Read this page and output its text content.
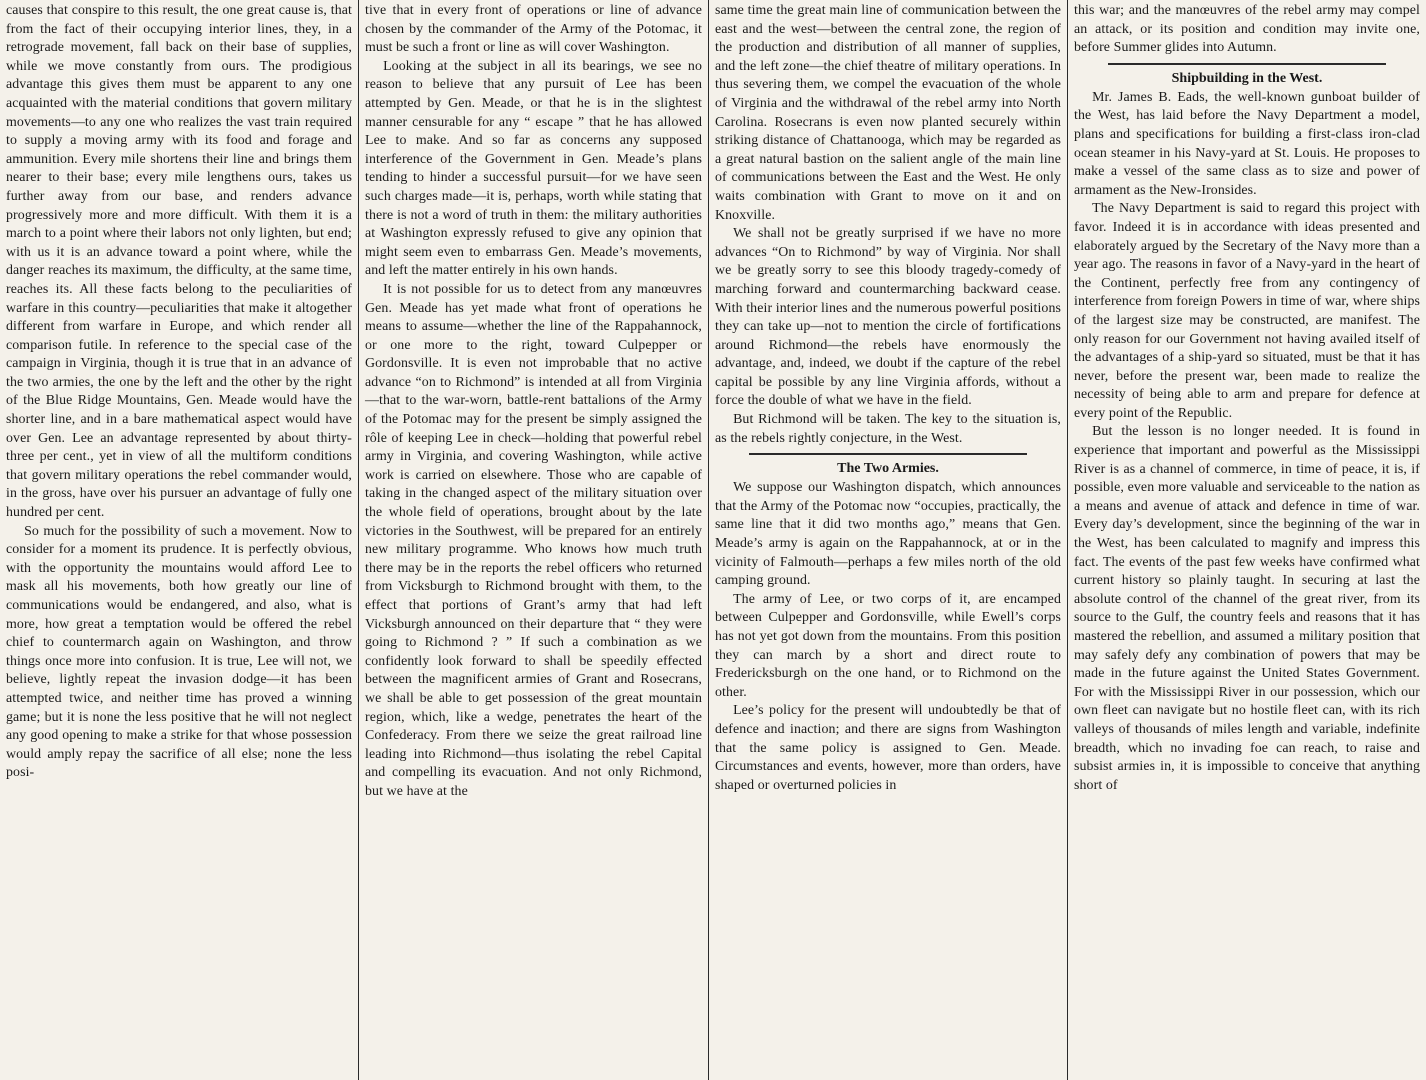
causes that conspire to this result, the one great cause is, that from the fact of their occupying interior lines, they, in a retrograde movement, fall back on their base of supplies, while we move constantly from ours. The prodigious advantage this gives them must be apparent to any one acquainted with the material conditions that govern military movements—to any one who realizes the vast train required to supply a moving army with its food and forage and ammunition. Every mile shortens their line and brings them nearer to their base; every mile lengthens ours, takes us further away from our base, and renders advance progressively more and more difficult. With them it is a march to a point where their labors not only lighten, but end; with us it is an advance toward a point where, while the danger reaches its maximum, the difficulty, at the same time, reaches its. All these facts belong to the peculiarities of warfare in this country—peculiarities that make it altogether different from warfare in Europe, and which render all comparison futile. In reference to the special case of the campaign in Virginia, though it is true that in an advance of the two armies, the one by the left and the other by the right of the Blue Ridge Mountains, Gen. Meade would have the shorter line, and in a bare mathematical aspect would have over Gen. Lee an advantage represented by about thirty-three per cent., yet in view of all the multiform conditions that govern military operations the rebel commander would, in the gross, have over his pursuer an advantage of fully one hundred per cent.

So much for the possibility of such a movement. Now to consider for a moment its prudence. It is perfectly obvious, with the opportunity the mountains would afford Lee to mask all his movements, both how greatly our line of communications would be endangered, and also, what is more, how great a temptation would be offered the rebel chief to countermarch again on Washington, and throw things once more into confusion. It is true, Lee will not, we believe, lightly repeat the invasion dodge—it has been attempted twice, and neither time has proved a winning game; but it is none the less positive that he will not neglect any good opening to make a strike for that whose possession would amply repay the sacrifice of all else; none the less posi-

tive that in every front of operations or line of advance chosen by the commander of the Army of the Potomac, it must be such a front or line as will cover Washington.

Looking at the subject in all its bearings, we see no reason to believe that any pursuit of Lee has been attempted by Gen. Meade, or that he is in the slightest manner censurable for any “ escape ” that he has allowed Lee to make. And so far as concerns any supposed interference of the Government in Gen. Meade’s plans tending to hinder a successful pursuit—for we have seen such charges made—it is, perhaps, worth while stating that there is not a word of truth in them: the military authorities at Washington expressly refused to give any opinion that might seem even to embarrass Gen. Meade’s movements, and left the matter entirely in his own hands.

It is not possible for us to detect from any manœuvres Gen. Meade has yet made what front of operations he means to assume—whether the line of the Rappahannock, or one more to the right, toward Culpepper or Gordonsville. It is even not improbable that no active advance “on to Richmond” is intended at all from Virginia—that to the war-worn, battle-rent battalions of the Army of the Potomac may for the present be simply assigned the rôle of keeping Lee in check—holding that powerful rebel army in Virginia, and covering Washington, while active work is carried on elsewhere. Those who are capable of taking in the changed aspect of the military situation over the whole field of operations, brought about by the late victories in the Southwest, will be prepared for an entirely new military programme. Who knows how much truth there may be in the reports the rebel officers who returned from Vicksburgh to Richmond brought with them, to the effect that portions of Grant’s army that had left Vicksburgh announced on their departure that “ they were going to Richmond ? ” If such a combination as we confidently look forward to shall be speedily effected between the magnificent armies of Grant and Rosecrans, we shall be able to get possession of the great mountain region, which, like a wedge, penetrates the heart of the Confederacy. From there we seize the great railroad line leading into Richmond—thus isolating the rebel Capital and compelling its evacuation. And not only Richmond, but we have at the

same time the great main line of communication between the east and the west—between the central zone, the region of the production and distribution of all manner of supplies, and the left zone—the chief theatre of military operations. In thus severing them, we compel the evacuation of the whole of Virginia and the withdrawal of the rebel army into North Carolina. Rosecrans is even now planted securely within striking distance of Chattanooga, which may be regarded as a great natural bastion on the salient angle of the main line of communications between the East and the West. He only waits combination with Grant to move on it and on Knoxville.

We shall not be greatly surprised if we have no more advances “On to Richmond” by way of Virginia. Nor shall we be greatly sorry to see this bloody tragedy-comedy of marching forward and countermarching backward cease. With their interior lines and the numerous powerful positions they can take up—not to mention the circle of fortifications around Richmond—the rebels have enormously the advantage, and, indeed, we doubt if the capture of the rebel capital be possible by any line Virginia affords, without a force the double of what we have in the field.

But Richmond will be taken. The key to the situation is, as the rebels rightly conjecture, in the West.

The Two Armies.

We suppose our Washington dispatch, which announces that the Army of the Potomac now “occupies, practically, the same line that it did two months ago,” means that Gen. Meade’s army is again on the Rappahannock, at or in the vicinity of Falmouth—perhaps a few miles north of the old camping ground.

The army of Lee, or two corps of it, are encamped between Culpepper and Gordonsville, while Ewell’s corps has not yet got down from the mountains. From this position they can march by a short and direct route to Fredericksburgh on the one hand, or to Richmond on the other.

Lee’s policy for the present will undoubtedly be that of defence and inaction; and there are signs from Washington that the same policy is assigned to Gen. Meade. Circumstances and events, however, more than orders, have shaped or overturned policies in

this war; and the manœuvres of the rebel army may compel an attack, or its position and condition may invite one, before Summer glides into Autumn.

Shipbuilding in the West.

Mr. James B. Eads, the well-known gunboat builder of the West, has laid before the Navy Department a model, plans and specifications for building a first-class iron-clad ocean steamer in his Navy-yard at St. Louis. He proposes to make a vessel of the same class as to size and power of armament as the New-Ironsides.

The Navy Department is said to regard this project with favor. Indeed it is in accordance with ideas presented and elaborately argued by the Secretary of the Navy more than a year ago. The reasons in favor of a Navy-yard in the heart of the Continent, perfectly free from any contingency of interference from foreign Powers in time of war, where ships of the largest size may be constructed, are manifest. The only reason for our Government not having availed itself of the advantages of a ship-yard so situated, must be that it has never, before the present war, been made to realize the necessity of being able to arm and prepare for defence at every point of the Republic.

But the lesson is no longer needed. It is found in experience that important and powerful as the Mississippi River is as a channel of commerce, in time of peace, it is, if possible, even more valuable and serviceable to the nation as a means and avenue of attack and defence in time of war. Every day’s development, since the beginning of the war in the West, has been calculated to magnify and impress this fact. The events of the past few weeks have confirmed what current history so plainly taught. In securing at last the absolute control of the channel of the great river, from its source to the Gulf, the country feels and reasons that it has mastered the rebellion, and assumed a military position that may safely defy any combination of powers that may be made in the future against the United States Government. For with the Mississippi River in our possession, which our own fleet can navigate but no hostile fleet can, with its rich valleys of thousands of miles length and variable, indefinite breadth, which no invading foe can reach, to raise and subsist armies in, it is impossible to conceive that anything short of
